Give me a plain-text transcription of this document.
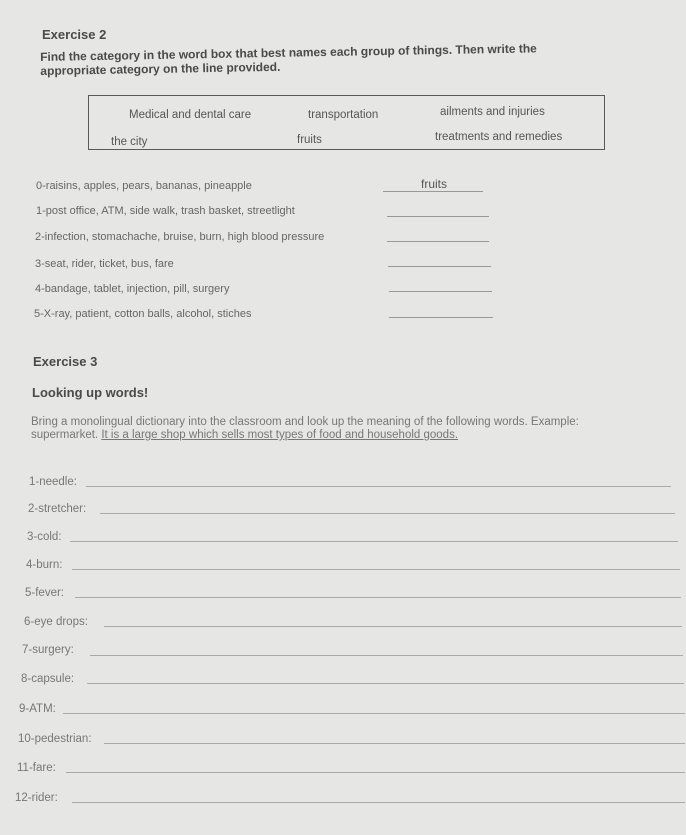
Exercise 2
Find the category in the word box that best names each group of things. Then write the
appropriate category on the line provided.
Medical and dental care	transportation	ailments and injuries
the city	fruits	treatments and remedies
0-raisins, apples, pears, bananas, pineapple	fruits
1-post office, ATM, side walk, trash basket, streetlight
2-infection, stomachache, bruise, burn, high blood pressure
3-seat, rider, ticket, bus, fare
4-bandage, tablet, injection, pill, surgery
5-X-ray, patient, cotton balls, alcohol, stiches
Exercise 3
Looking up words!
Bring a monolingual dictionary into the classroom and look up the meaning of the following words. Example:
supermarket. It is a large shop which sells most types of food and household goods.
1-needle:
2-stretcher:
3-cold:
4-burn:
5-fever:
6-eye drops:
7-surgery:
8-capsule:
9-ATM:
10-pedestrian:
11-fare:
12-rider:
